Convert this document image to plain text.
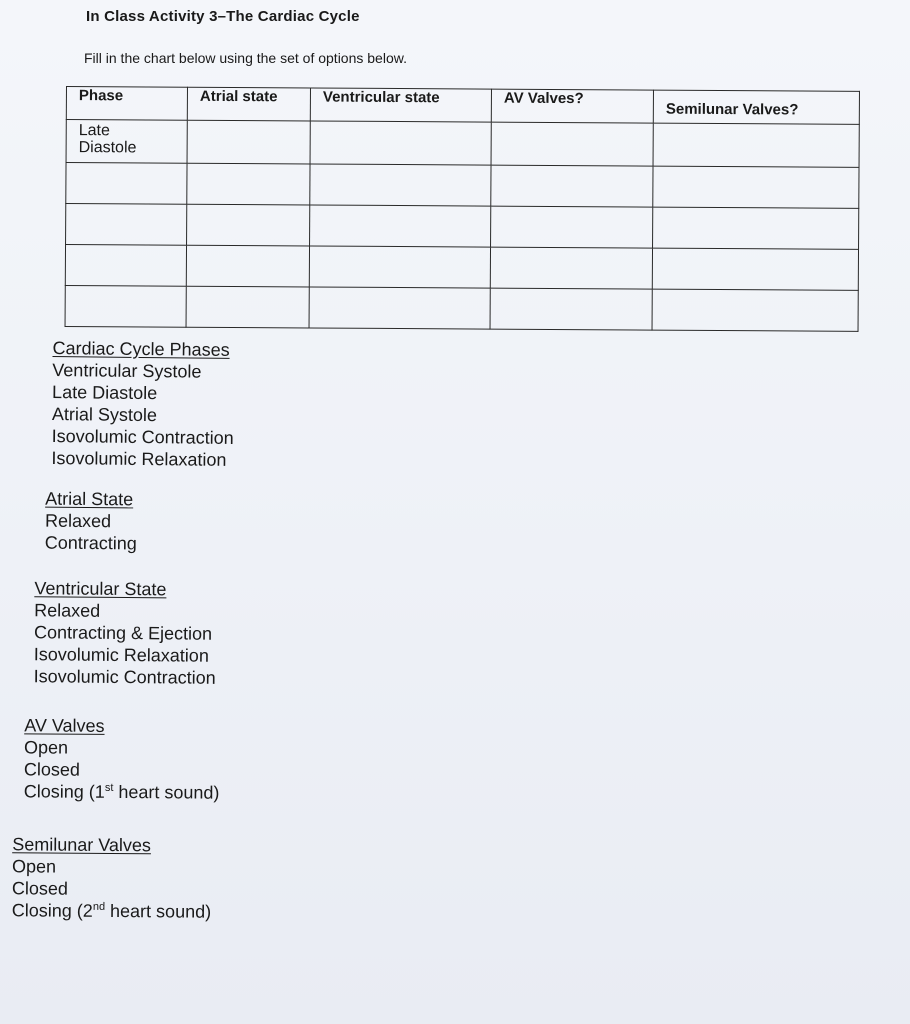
In Class Activity 3–The Cardiac Cycle
Fill in the chart below using the set of options below.
Phase	Atrial state	Ventricular state	AV Valves?	Semilunar Valves?

Late
Diastole				

Cardiac Cycle Phases
Ventricular Systole
Late Diastole
Atrial Systole
Isovolumic Contraction
Isovolumic Relaxation
Atrial State
Relaxed
Contracting
Ventricular State
Relaxed
Contracting & Ejection
Isovolumic Relaxation
Isovolumic Contraction
AV Valves
Open
Closed
Closing (1st heart sound)
Semilunar Valves
Open
Closed
Closing (2nd heart sound)
